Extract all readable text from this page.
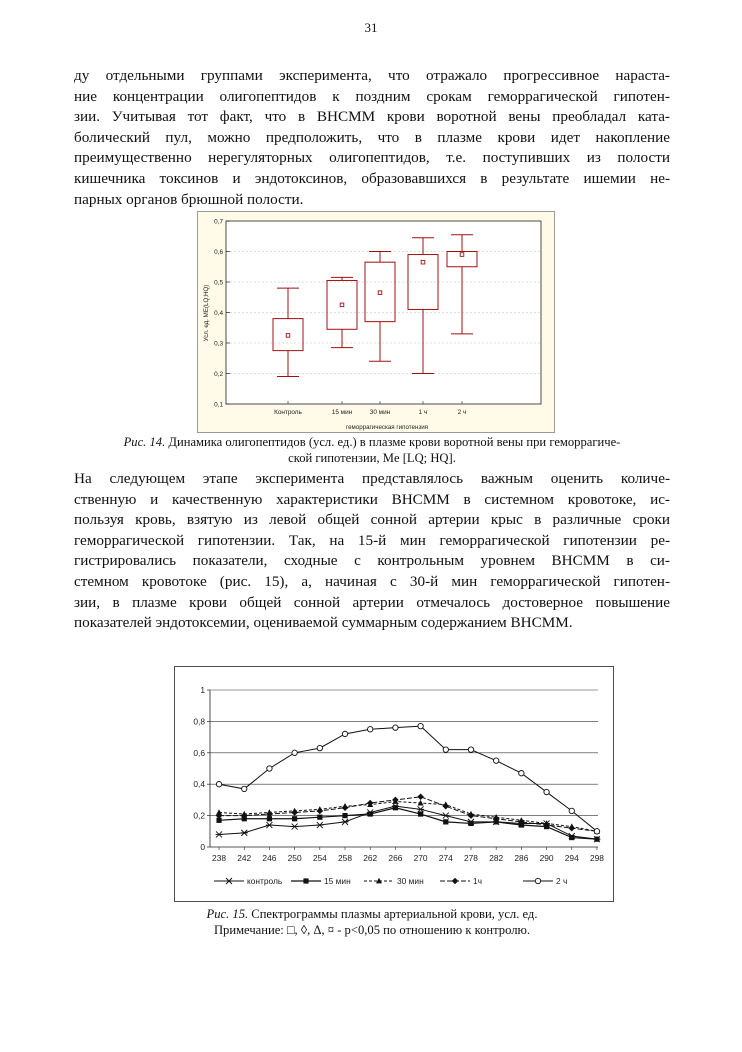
31
ду отдельными группами эксперимента, что отражало прогрессивное нараста-
ние концентрации олигопептидов к поздним срокам геморрагической гипотен-
зии. Учитывая тот факт, что в ВНСММ крови воротной вены преобладал ката-
болический пул, можно предположить, что в плазме крови идет накопление
преимущественно нерегуляторных олигопептидов, т.е. поступивших из полости
кишечника токсинов и эндотоксинов, образовавшихся в результате ишемии не-
парных органов брюшной полости.
0,1
0,2
0,3
0,4
0,5
0,6
0,7
Контроль	15 мин	30 мин	1 ч	2 ч
геморрагическая гипотензия
Усл. ед. ME(LQ;HQ)
Рис. 14. Динамика олигопептидов (усл. ед.) в плазме крови воротной вены при геморрагиче-
ской гипотензии, Me [LQ; HQ].
На следующем этапе эксперимента представлялось важным оценить количе-
ственную и качественную характеристики ВНСММ в системном кровотоке, ис-
пользуя кровь, взятую из левой общей сонной артерии крыс в различные сроки
геморрагической гипотензии. Так, на 15-й мин геморрагической гипотензии ре-
гистрировались показатели, сходные с контрольным уровнем ВНСММ в си-
стемном кровотоке (рис. 15), а, начиная с 30-й мин геморрагической гипотен-
зии, в плазме крови общей сонной артерии отмечалось достоверное повышение
показателей эндотоксемии, оцениваемой суммарным содержанием ВНСММ.
0
0,2
0,4
0,6
0,8
1
238 242 246 250 254 258 262 266 270 274 278 282 286 290 294 298
контроль	15 мин	30 мин	1ч	2 ч
Рис. 15. Спектрограммы плазмы артериальной крови, усл. ед.
Примечание: □, ◊, Δ, ¤ - p<0,05 по отношению к контролю.
